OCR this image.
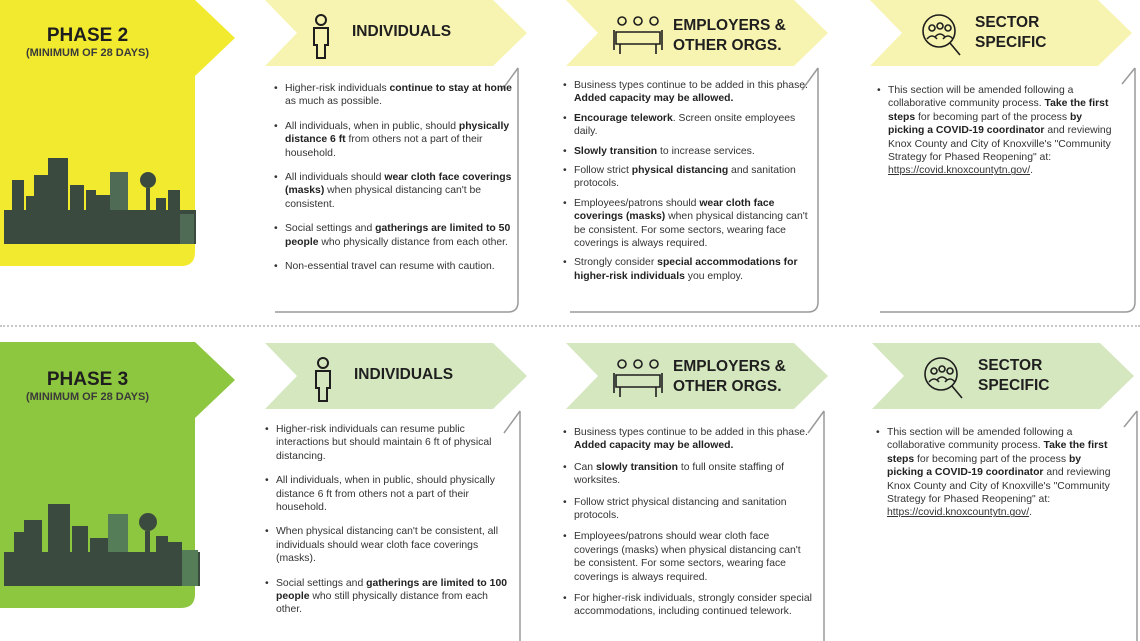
PHASE 2
(MINIMUM OF 28 DAYS)
INDIVIDUALS	EMPLOYERS &
OTHER ORGS.
SECTOR
SPECIFIC
• Higher-risk individuals continue to stay at home as much as possible.
• All individuals, when in public, should physically distance 6 ft from others not a part of their household.
• All individuals should wear cloth face coverings (masks) when physical distancing can't be consistent.
• Social settings and gatherings are limited to 50 people who physically distance from each other.
• Non-essential travel can resume with caution.
• Business types continue to be added in this phase. Added capacity may be allowed.
• Encourage telework. Screen onsite employees daily.
• Slowly transition to increase services.
• Follow strict physical distancing and sanitation protocols.
• Employees/patrons should wear cloth face coverings (masks) when physical distancing can't be consistent. For some sectors, wearing face coverings is always required.
• Strongly consider special accommodations for higher-risk individuals you employ.
• This section will be amended following a collaborative community process. Take the first steps for becoming part of the process by picking a COVID-19 coordinator and reviewing Knox County and City of Knoxville's "Community Strategy for Phased Reopening" at: https://covid.knoxcountytn.gov/.
PHASE 3
(MINIMUM OF 28 DAYS)
INDIVIDUALS	EMPLOYERS &
OTHER ORGS.
SECTOR
SPECIFIC
• Higher-risk individuals can resume public interactions but should maintain 6 ft of physical distancing.
• All individuals, when in public, should physically distance 6 ft from others not a part of their household.
• When physical distancing can't be consistent, all individuals should wear cloth face coverings (masks).
• Social settings and gatherings are limited to 100 people who still physically distance from each other.
• Business types continue to be added in this phase. Added capacity may be allowed.
• Can slowly transition to full onsite staffing of worksites.
• Follow strict physical distancing and sanitation protocols.
• Employees/patrons should wear cloth face coverings (masks) when physical distancing can't be consistent. For some sectors, wearing face coverings is always required.
• For higher-risk individuals, strongly consider special accommodations, including continued telework.
• This section will be amended following a collaborative community process. Take the first steps for becoming part of the process by picking a COVID-19 coordinator and reviewing Knox County and City of Knoxville's "Community Strategy for Phased Reopening" at: https://covid.knoxcountytn.gov/.
